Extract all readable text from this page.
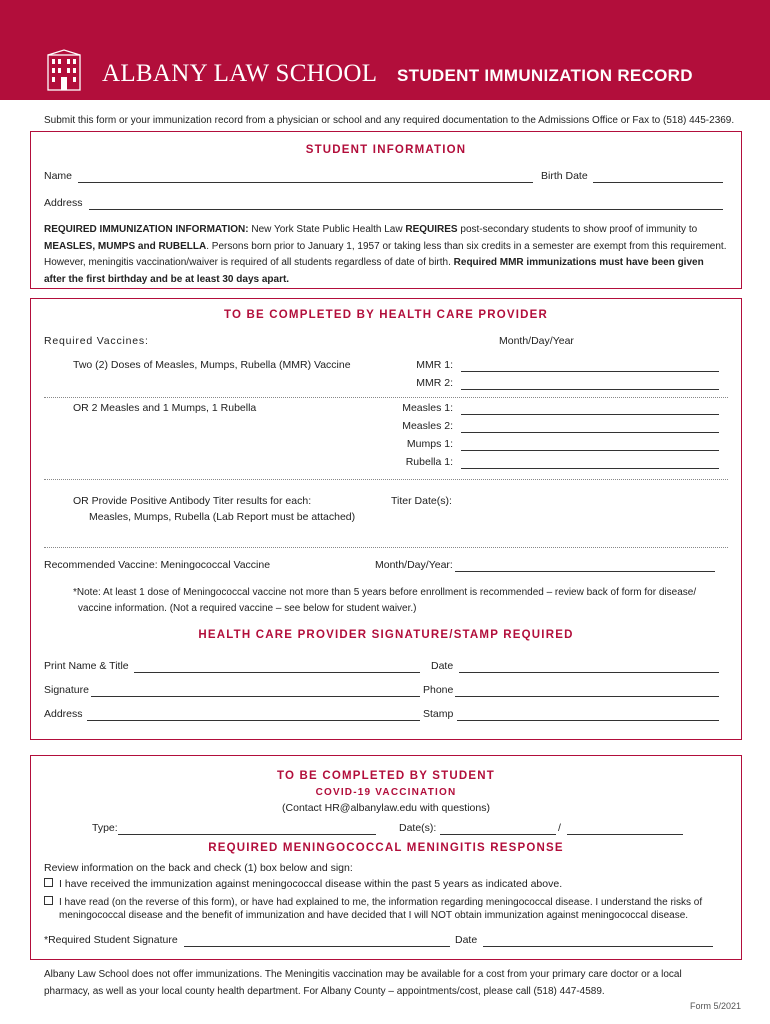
ALBANY LAW SCHOOL STUDENT IMMUNIZATION RECORD
Submit this form or your immunization record from a physician or school and any required documentation to the Admissions Office or Fax to (518) 445-2369.
STUDENT INFORMATION
Name	Birth Date
Address
REQUIRED IMMUNIZATION INFORMATION: New York State Public Health Law REQUIRES post-secondary students to show proof of immunity to
MEASLES, MUMPS and RUBELLA. Persons born prior to January 1, 1957 or taking less than six credits in a semester are exempt from this requirement.
However, meningitis vaccination/waiver is required of all students regardless of date of birth. Required MMR immunizations must have been given
after the first birthday and be at least 30 days apart.
TO BE COMPLETED BY HEALTH CARE PROVIDER
Required Vaccines:	Month/Day/Year
Two (2) Doses of Measles, Mumps, Rubella (MMR) Vaccine	MMR 1:
MMR 2:
OR 2 Measles and 1 Mumps, 1 Rubella	Measles 1:
Measles 2:
Mumps 1:
Rubella 1:
OR Provide Positive Antibody Titer results for each:
Measles, Mumps, Rubella (Lab Report must be attached)
Titer Date(s):
Recommended Vaccine: Meningococcal Vaccine	Month/Day/Year:
*Note: At least 1 dose of Meningococcal vaccine not more than 5 years before enrollment is recommended – review back of form for disease/
vaccine information. (Not a required vaccine – see below for student waiver.)
HEALTH CARE PROVIDER SIGNATURE/STAMP REQUIRED
Print Name & Title	Date
Signature	Phone
Address	Stamp
TO BE COMPLETED BY STUDENT
COVID-19 VACCINATION
(Contact HR@albanylaw.edu with questions)
Type:	Date(s):	/
REQUIRED MENINGOCOCCAL MENINGITIS RESPONSE
Review information on the back and check (1) box below and sign:
I have received the immunization against meningococcal disease within the past 5 years as indicated above.
I have read (on the reverse of this form), or have had explained to me, the information regarding meningococcal disease. I understand the risks of
meningococcal disease and the benefit of immunization and have decided that I will NOT obtain immunization against meningococcal disease.
*Required Student Signature	Date
Albany Law School does not offer immunizations. The Meningitis vaccination may be available for a cost from your primary care doctor or a local
pharmacy, as well as your local county health department. For Albany County – appointments/cost, please call (518) 447-4589.
Form 5/2021
